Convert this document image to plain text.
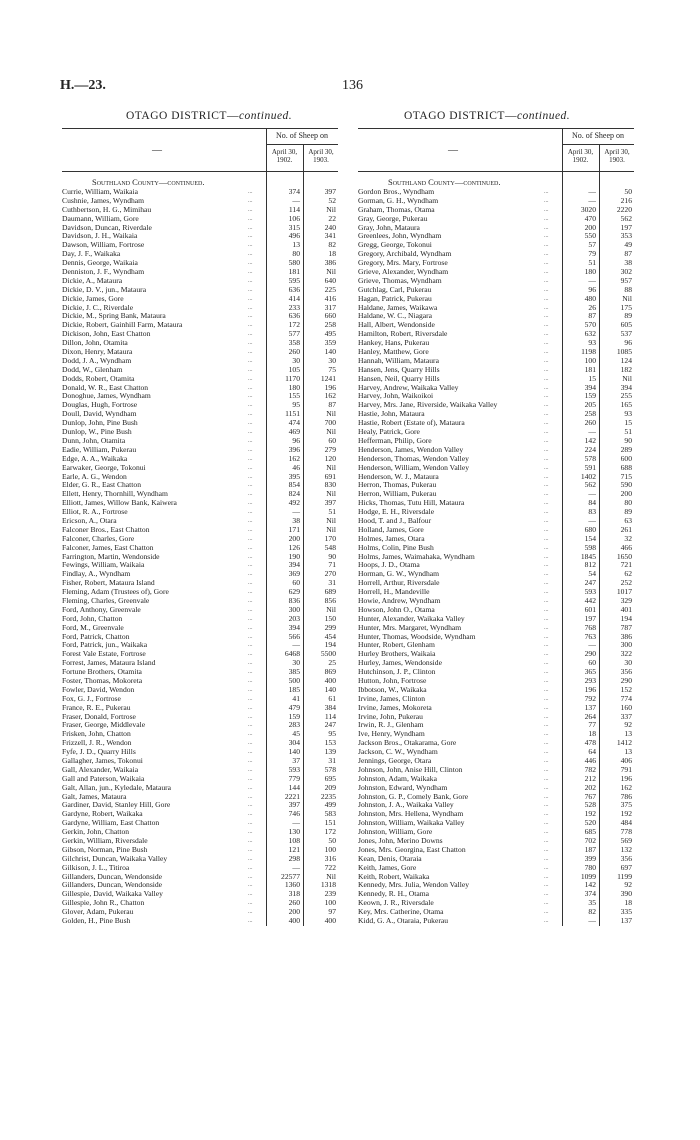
H.—23.	136
OTAGO DISTRICT—continued.	OTAGO DISTRICT—continued.
—
No. of Sheep on
April 30, 1902.
April 30, 1903.
Southland County—continued.
Currie, William, Waikaia	...	374	397
Cushnie, James, Wyndham	...	—	52
Cuthbertson, H. G., Mimihau	...	114	Nil
Daumann, William, Gore	...	106	22
Davidson, Duncan, Riverdale	...	315	240
Davidson, J. H., Waikaia	...	496	341
Dawson, William, Fortrose	...	13	82
Day, J. F., Waikaka	...	80	18
Dennis, George, Waikaia	...	580	386
Denniston, J. F., Wyndham	...	181	Nil
Dickie, A., Mataura	...	595	640
Dickie, D. V., jun., Mataura	...	636	225
Dickie, James, Gore	...	414	416
Dickie, J. C., Riverdale	...	233	317
Dickie, M., Spring Bank, Mataura	...	636	660
Dickie, Robert, Gainhill Farm, Mataura	...	172	258
Dickison, John, East Chatton	...	577	495
Dillon, John, Otamita	...	358	359
Dixon, Henry, Mataura	...	260	140
Dodd, J. A., Wyndham	...	30	30
Dodd, W., Glenham	...	105	75
Dodds, Robert, Otamita	...	1170	1241
Donald, W. R., East Chatton	...	180	196
Donoghue, James, Wyndham	...	155	162
Douglas, Hugh, Fortrose	...	95	87
Doull, David, Wyndham	...	1151	Nil
Dunlop, John, Pine Bush	...	474	700
Dunlop, W., Pine Bush	...	469	Nil
Dunn, John, Otamita	...	96	60
Eadie, William, Pukerau	...	396	279
Edge, A. A., Waikaka	...	162	120
Earwaker, George, Tokonui	...	46	Nil
Earle, A. G., Wendon	...	395	691
Elder, G. R., East Chatton	...	854	830
Ellett, Henry, Thornhill, Wyndham	...	824	Nil
Elliott, James, Willow Bank, Kaiwera	...	492	397
Elliot, R. A., Fortrose	...	—	51
Ericson, A., Otara	...	38	Nil
Falconer Bros., East Chatton	...	171	Nil
Falconer, Charles, Gore	...	200	170
Falconer, James, East Chatton	...	126	548
Farrington, Martin, Wendonside	...	190	90
Fewings, William, Waikaia	...	394	71
Findlay, A., Wyndham	...	369	270
Fisher, Robert, Mataura Island	...	60	31
Fleming, Adam (Trustees of), Gore	...	629	689
Fleming, Charles, Greenvale	...	836	856
Ford, Anthony, Greenvale	...	300	Nil
Ford, John, Chatton	...	203	150
Ford, M., Greenvale	...	394	299
Ford, Patrick, Chatton	...	566	454
Ford, Patrick, jun., Waikaka	...	—	194
Forest Vale Estate, Fortrose	...	6468	5500
Forrest, James, Mataura Island	...	30	25
Fortune Brothers, Otamita	...	385	869
Foster, Thomas, Mokoreta	...	500	400
Fowler, David, Wendon	...	185	140
Fox, G. J., Fortrose	...	41	61
France, R. E., Pukerau	...	479	384
Fraser, Donald, Fortrose	...	159	114
Fraser, George, Middlevale	...	283	247
Frisken, John, Chatton	...	45	95
Frizzell, J. R., Wendon	...	304	153
Fyfe, J. D., Quarry Hills	...	140	139
Gallagher, James, Tokonui	...	37	31
Gall, Alexander, Waikaia	...	593	578
Gall and Paterson, Waikaia	...	779	695
Galt, Allan, jun., Kyledale, Mataura	...	144	209
Galt, James, Mataura	...	2221	2235
Gardiner, David, Stanley Hill, Gore	...	397	499
Gardyne, Robert, Waikaka	...	746	583
Gardyne, William, East Chatton	...	—	151
Gerkin, John, Chatton	...	130	172
Gerkin, William, Riversdale	...	108	50
Gibson, Norman, Pine Bush	...	121	100
Gilchrist, Duncan, Waikaka Valley	...	298	316
Gilkison, J. L., Titiroa	...	—	722
Gillanders, Duncan, Wendonside	...	22577	Nil
Gillanders, Duncan, Wendonside	...	1360	1318
Gillespie, David, Waikaka Valley	...	318	239
Gillespie, John R., Chatton	...	260	100
Glover, Adam, Pukerau	...	200	97
Golden, H., Pine Bush	...	400	400
—
No. of Sheep on
April 30, 1902.
April 30, 1903.
Southland County—continued.
Gordon Bros., Wyndham	...	—	50
Gorman, G. H., Wyndham	...	—	216
Graham, Thomas, Otama	...	3020	2220
Gray, George, Pukerau	...	470	562
Gray, John, Mataura	...	200	197
Greenlees, John, Wyndham	...	550	353
Gregg, George, Tokonui	...	57	49
Gregory, Archibald, Wyndham	...	79	87
Gregory, Mrs. Mary, Fortrose	...	51	38
Grieve, Alexander, Wyndham	...	180	302
Grieve, Thomas, Wyndham	...	—	957
Gutchlag, Carl, Pukerau	...	96	88
Hagan, Patrick, Pukerau	...	480	Nil
Haldane, James, Waikawa	...	26	175
Haldane, W. C., Niagara	...	87	89
Hall, Albert, Wendonside	...	570	605
Hamilton, Robert, Riversdale	...	632	537
Hankey, Hans, Pukerau	...	93	96
Hanley, Matthew, Gore	...	1198	1085
Hannah, William, Mataura	...	100	124
Hansen, Jens, Quarry Hills	...	181	182
Hansen, Neil, Quarry Hills	...	15	Nil
Harvey, Andrew, Waikaka Valley	...	394	394
Harvey, John, Waikoikoi	...	159	255
Harvey, Mrs. Jane, Riverside, Waikaka Valley	...	205	165
Hastie, John, Mataura	...	258	93
Hastie, Robert (Estate of), Mataura	...	260	15
Healy, Patrick, Gore	...	—	51
Hefferman, Philip, Gore	...	142	90
Henderson, James, Wendon Valley	...	224	289
Henderson, Thomas, Wendon Valley	...	578	600
Henderson, William, Wendon Valley	...	591	688
Henderson, W. J., Mataura	...	1402	715
Herron, Thomas, Pukerau	...	562	590
Herron, William, Pukerau	...	—	200
Hicks, Thomas, Tutu Hill, Mataura	...	84	80
Hodge, E. H., Riversdale	...	83	89
Hood, T. and J., Balfour	...	—	63
Holland, James, Gore	...	680	261
Holmes, James, Otara	...	154	32
Holms, Colin, Pine Bush	...	598	466
Holms, James, Waimahaka, Wyndham	...	1845	1650
Hoops, J. D., Otama	...	812	721
Horman, G. W., Wyndham	...	54	62
Horrell, Arthur, Riversdale	...	247	252
Horrell, H., Mandeville	...	593	1017
Howie, Andrew, Wyndham	...	442	329
Howson, John O., Otama	...	601	401
Hunter, Alexander, Waikaka Valley	...	197	194
Hunter, Mrs. Margaret, Wyndham	...	768	787
Hunter, Thomas, Woodside, Wyndham	...	763	386
Hunter, Robert, Glenham	...	—	300
Hurley Brothers, Waikaia	...	290	322
Hurley, James, Wendonside	...	60	30
Hutchinson, J. P., Clinton	...	365	356
Hutton, John, Fortrose	...	293	290
Ibbotson, W., Waikaka	...	196	152
Irvine, James, Clinton	...	792	774
Irvine, James, Mokoreta	...	137	160
Irvine, John, Pukerau	...	264	337
Irwin, R. J., Glenham	...	77	92
Ive, Henry, Wyndham	...	18	13
Jackson Bros., Otakarama, Gore	...	478	1412
Jackson, C. W., Wyndham	...	64	13
Jennings, George, Otara	...	446	406
Johnson, John, Anise Hill, Clinton	...	782	791
Johnston, Adam, Waikaka	...	212	196
Johnston, Edward, Wyndham	...	202	162
Johnston, G. P., Comely Bank, Gore	...	767	786
Johnston, J. A., Waikaka Valley	...	528	375
Johnston, Mrs. Hellena, Wyndham	...	192	192
Johnston, William, Waikaka Valley	...	520	484
Johnston, William, Gore	...	685	778
Jones, John, Merino Downs	...	702	569
Jones, Mrs. Georgina, East Chatton	...	187	132
Kean, Denis, Otaraia	...	399	356
Keith, James, Gore	...	780	697
Keith, Robert, Waikaka	...	1099	1199
Kennedy, Mrs. Julia, Wendon Valley	...	142	92
Kennedy, R. H., Otama	...	374	390
Keown, J. R., Riversdale	...	35	18
Key, Mrs. Catherine, Otama	...	82	335
Kidd, G. A., Otaraia, Pukerau	...	—	137
